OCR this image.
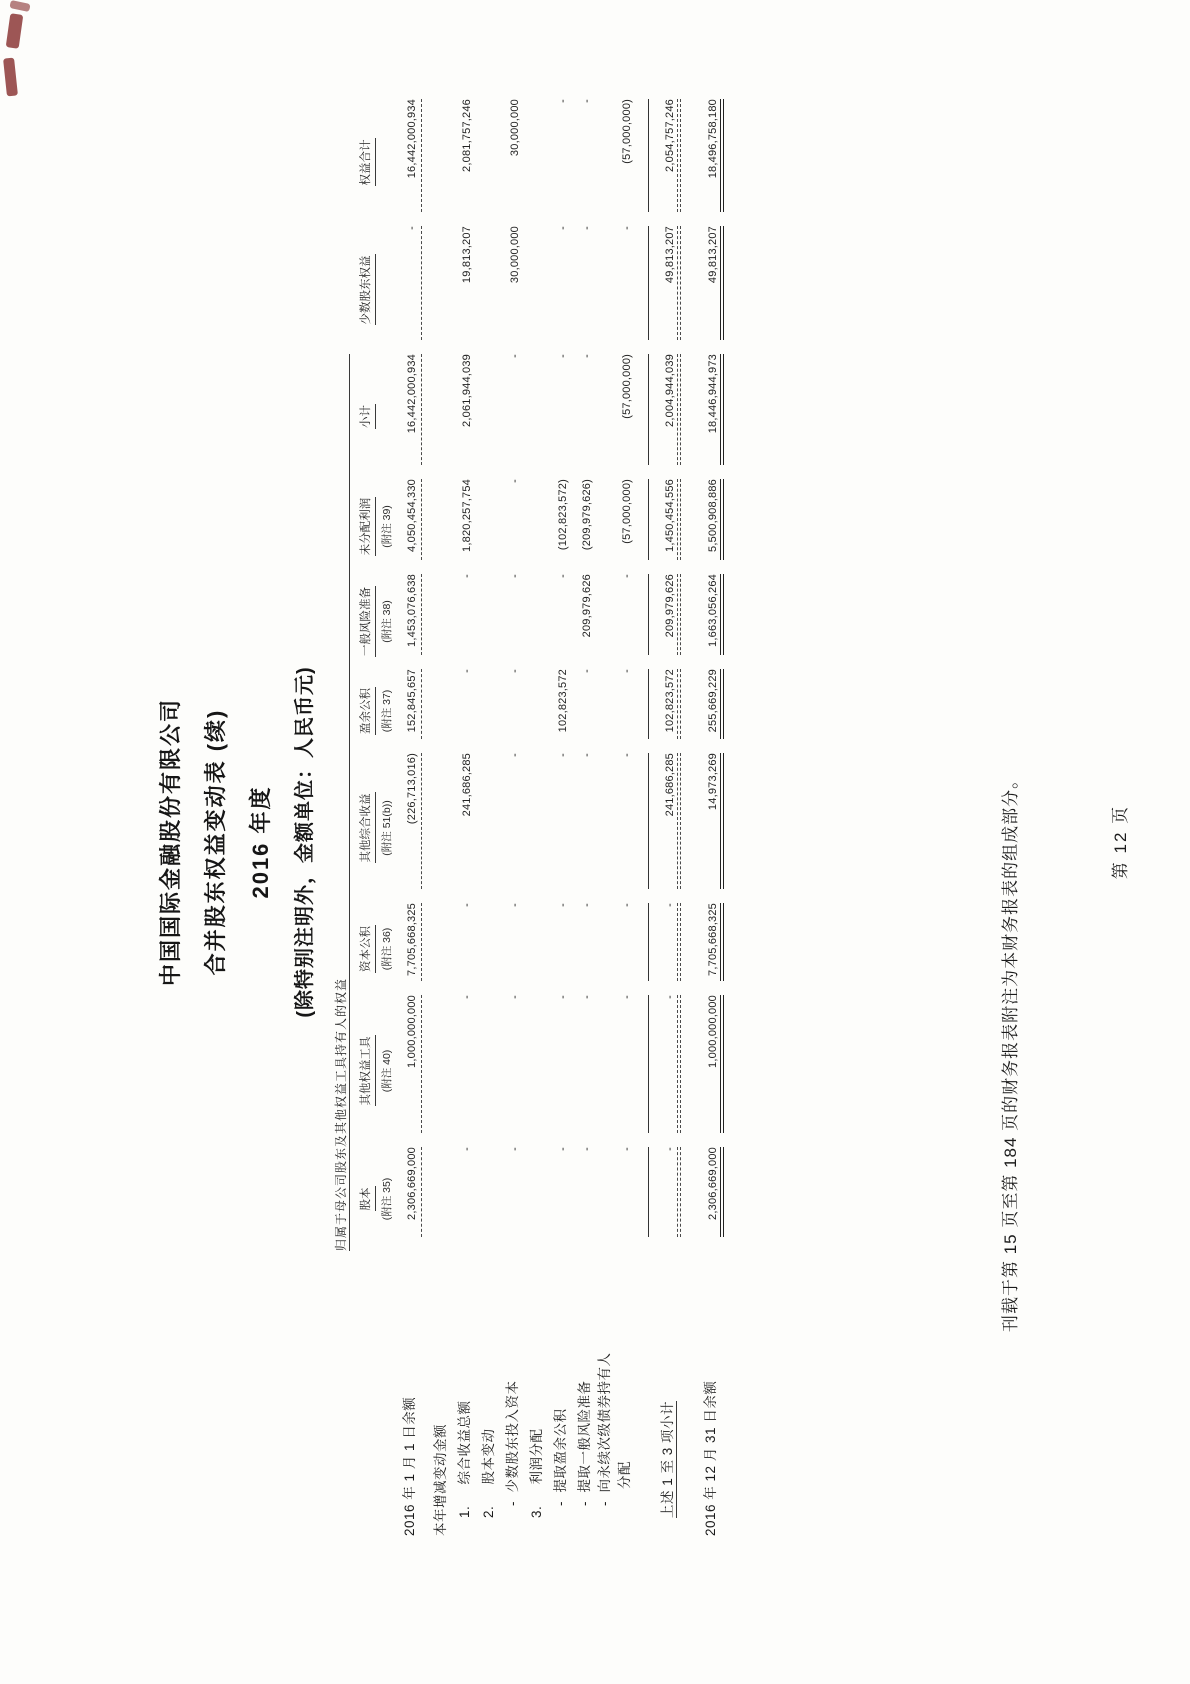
中国国际金融股份有限公司 合并股东权益变动表 (续) 2016 年度	(除特别注明外，金额单位：人民币元)
	归属于母公司股东及其他权益工具持有人的权益									
	股本	其他权益工具	资本公积	其他综合收益	盈余公积	一般风险准备	未分配利润	小计	少数股东权益	权益合计
	(附注 35)	(附注 40)	(附注 36)	(附注 51(b))	(附注 37)	(附注 38)	(附注 39)			
2016 年 1 月 1 日余额	2,306,669,000	1,000,000,000	7,705,668,325	(226,713,016)	152,845,657	1,453,076,638	4,050,454,330	16,442,000,934	-	16,442,000,934

本年增减变动金额										
1.     综合收益总额	-	-	-	241,686,285	-	-	1,820,257,754	2,061,944,039	19,813,207	2,081,757,246
2.     股本变动										
-  少数股东投入资本	-	-	-	-	-	-	-	-	30,000,000	30,000,000
3.     利润分配										
-  提取盈余公积	-	-	-	-	102,823,572	-	(102,823,572)	-	-	-
-  提取一般风险准备	-	-	-	-	-	209,979,626	(209,979,626)	-	-	-

-  向永续次级债券持有人 分配	-	-	-	-	-	-	(57,000,000)	(57,000,000)	-	(57,000,000)

上述 1 至 3 项小计	-	-	-	241,686,285	102,823,572	209,979,626	1,450,454,556	2,004,944,039	49,813,207	2,054,757,246

2016 年 12 月 31 日余额	2,306,669,000	1,000,000,000	7,705,668,325	14,973,269	255,669,229	1,663,056,264	5,500,908,886	18,446,944,973	49,813,207	18,496,758,180

刊载于第 15 页至第 184 页的财务报表附注为本财务报表的组成部分。	第 12 页
